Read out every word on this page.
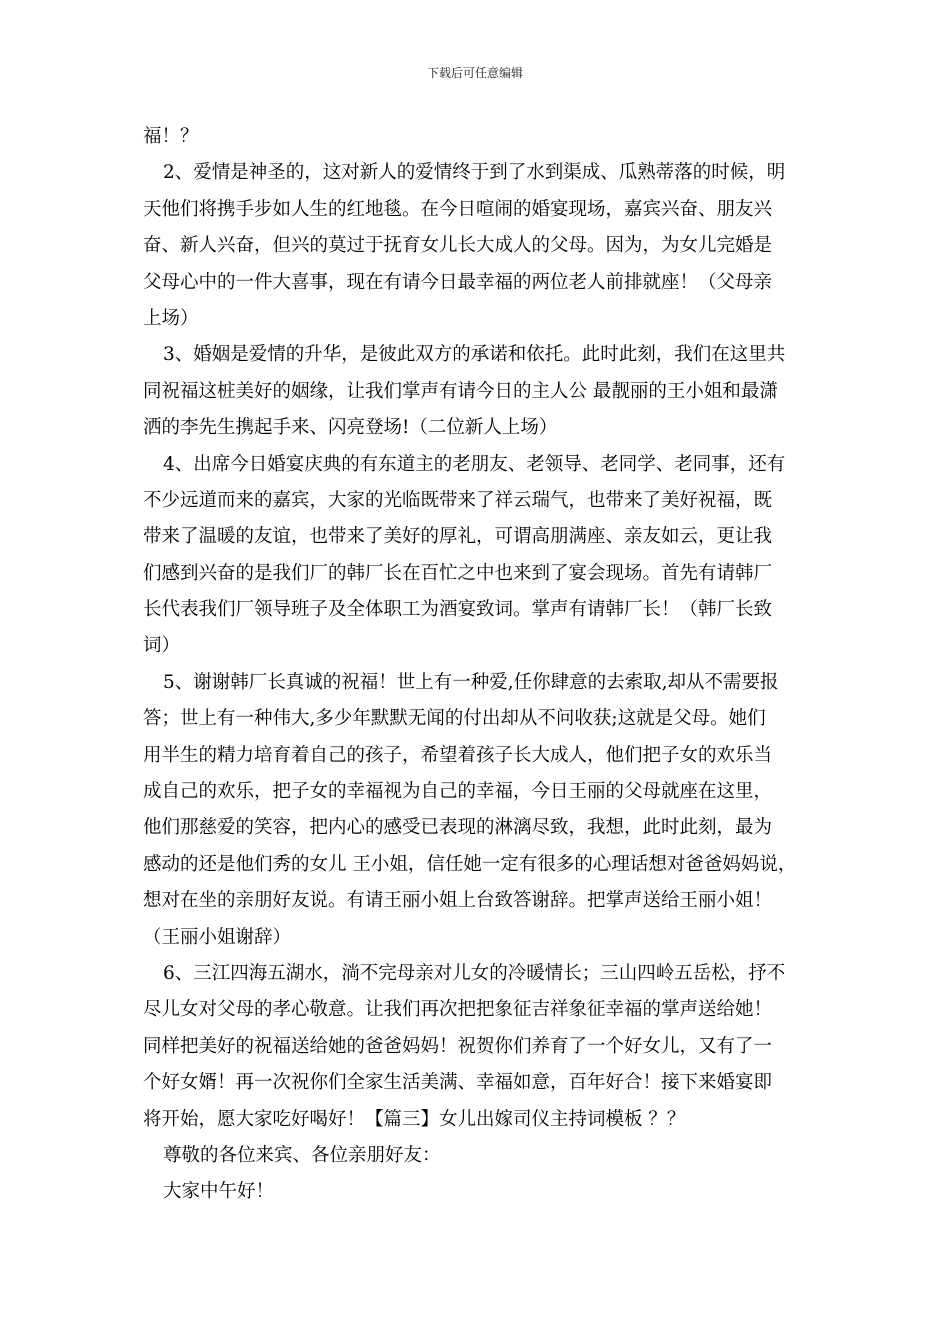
下载后可任意编辑
福！？
2、爱情是神圣的，这对新人的爱情终于到了水到渠成、瓜熟蒂落的时候，明
天他们将携手步如人生的红地毯。在今日喧闹的婚宴现场，嘉宾兴奋、朋友兴
奋、新人兴奋，但兴的莫过于抚育女儿长大成人的父母。因为，为女儿完婚是
父母心中的一件大喜事，现在有请今日最幸福的两位老人前排就座！（父母亲
上场）
3、婚姻是爱情的升华，是彼此双方的承诺和依托。此时此刻，我们在这里共
同祝福这桩美好的姻缘，让我们掌声有请今日的主人公 最靓丽的王小姐和最潇
洒的李先生携起手来、闪亮登场!（二位新人上场）
4、出席今日婚宴庆典的有东道主的老朋友、老领导、老同学、老同事，还有
不少远道而来的嘉宾，大家的光临既带来了祥云瑞气，也带来了美好祝福，既
带来了温暖的友谊，也带来了美好的厚礼，可谓高朋满座、亲友如云，更让我
们感到兴奋的是我们厂的韩厂长在百忙之中也来到了宴会现场。首先有请韩厂
长代表我们厂领导班子及全体职工为酒宴致词。掌声有请韩厂长！（韩厂长致
词）
5、谢谢韩厂长真诚的祝福！世上有一种爱,任你肆意的去索取,却从不需要报
答；世上有一种伟大,多少年默默无闻的付出却从不问收获;这就是父母。她们
用半生的精力培育着自己的孩子，希望着孩子长大成人，他们把子女的欢乐当
成自己的欢乐，把子女的幸福视为自己的幸福，今日王丽的父母就座在这里，
他们那慈爱的笑容，把内心的感受已表现的淋漓尽致，我想，此时此刻，最为
感动的还是他们秀的女儿 王小姐，信任她一定有很多的心理话想对爸爸妈妈说，
想对在坐的亲朋好友说。有请王丽小姐上台致答谢辞。把掌声送给王丽小姐！
（王丽小姐谢辞）
6、三江四海五湖水，淌不完母亲对儿女的冷暖情长；三山四岭五岳松，抒不
尽儿女对父母的孝心敬意。让我们再次把把象征吉祥象征幸福的掌声送给她！
同样把美好的祝福送给她的爸爸妈妈！祝贺你们养育了一个好女儿，又有了一
个好女婿！再一次祝你们全家生活美满、幸福如意，百年好合！接下来婚宴即
将开始，愿大家吃好喝好！【篇三】女儿出嫁司仪主持词模板 ？？
尊敬的各位来宾、各位亲朋好友：
大家中午好！
